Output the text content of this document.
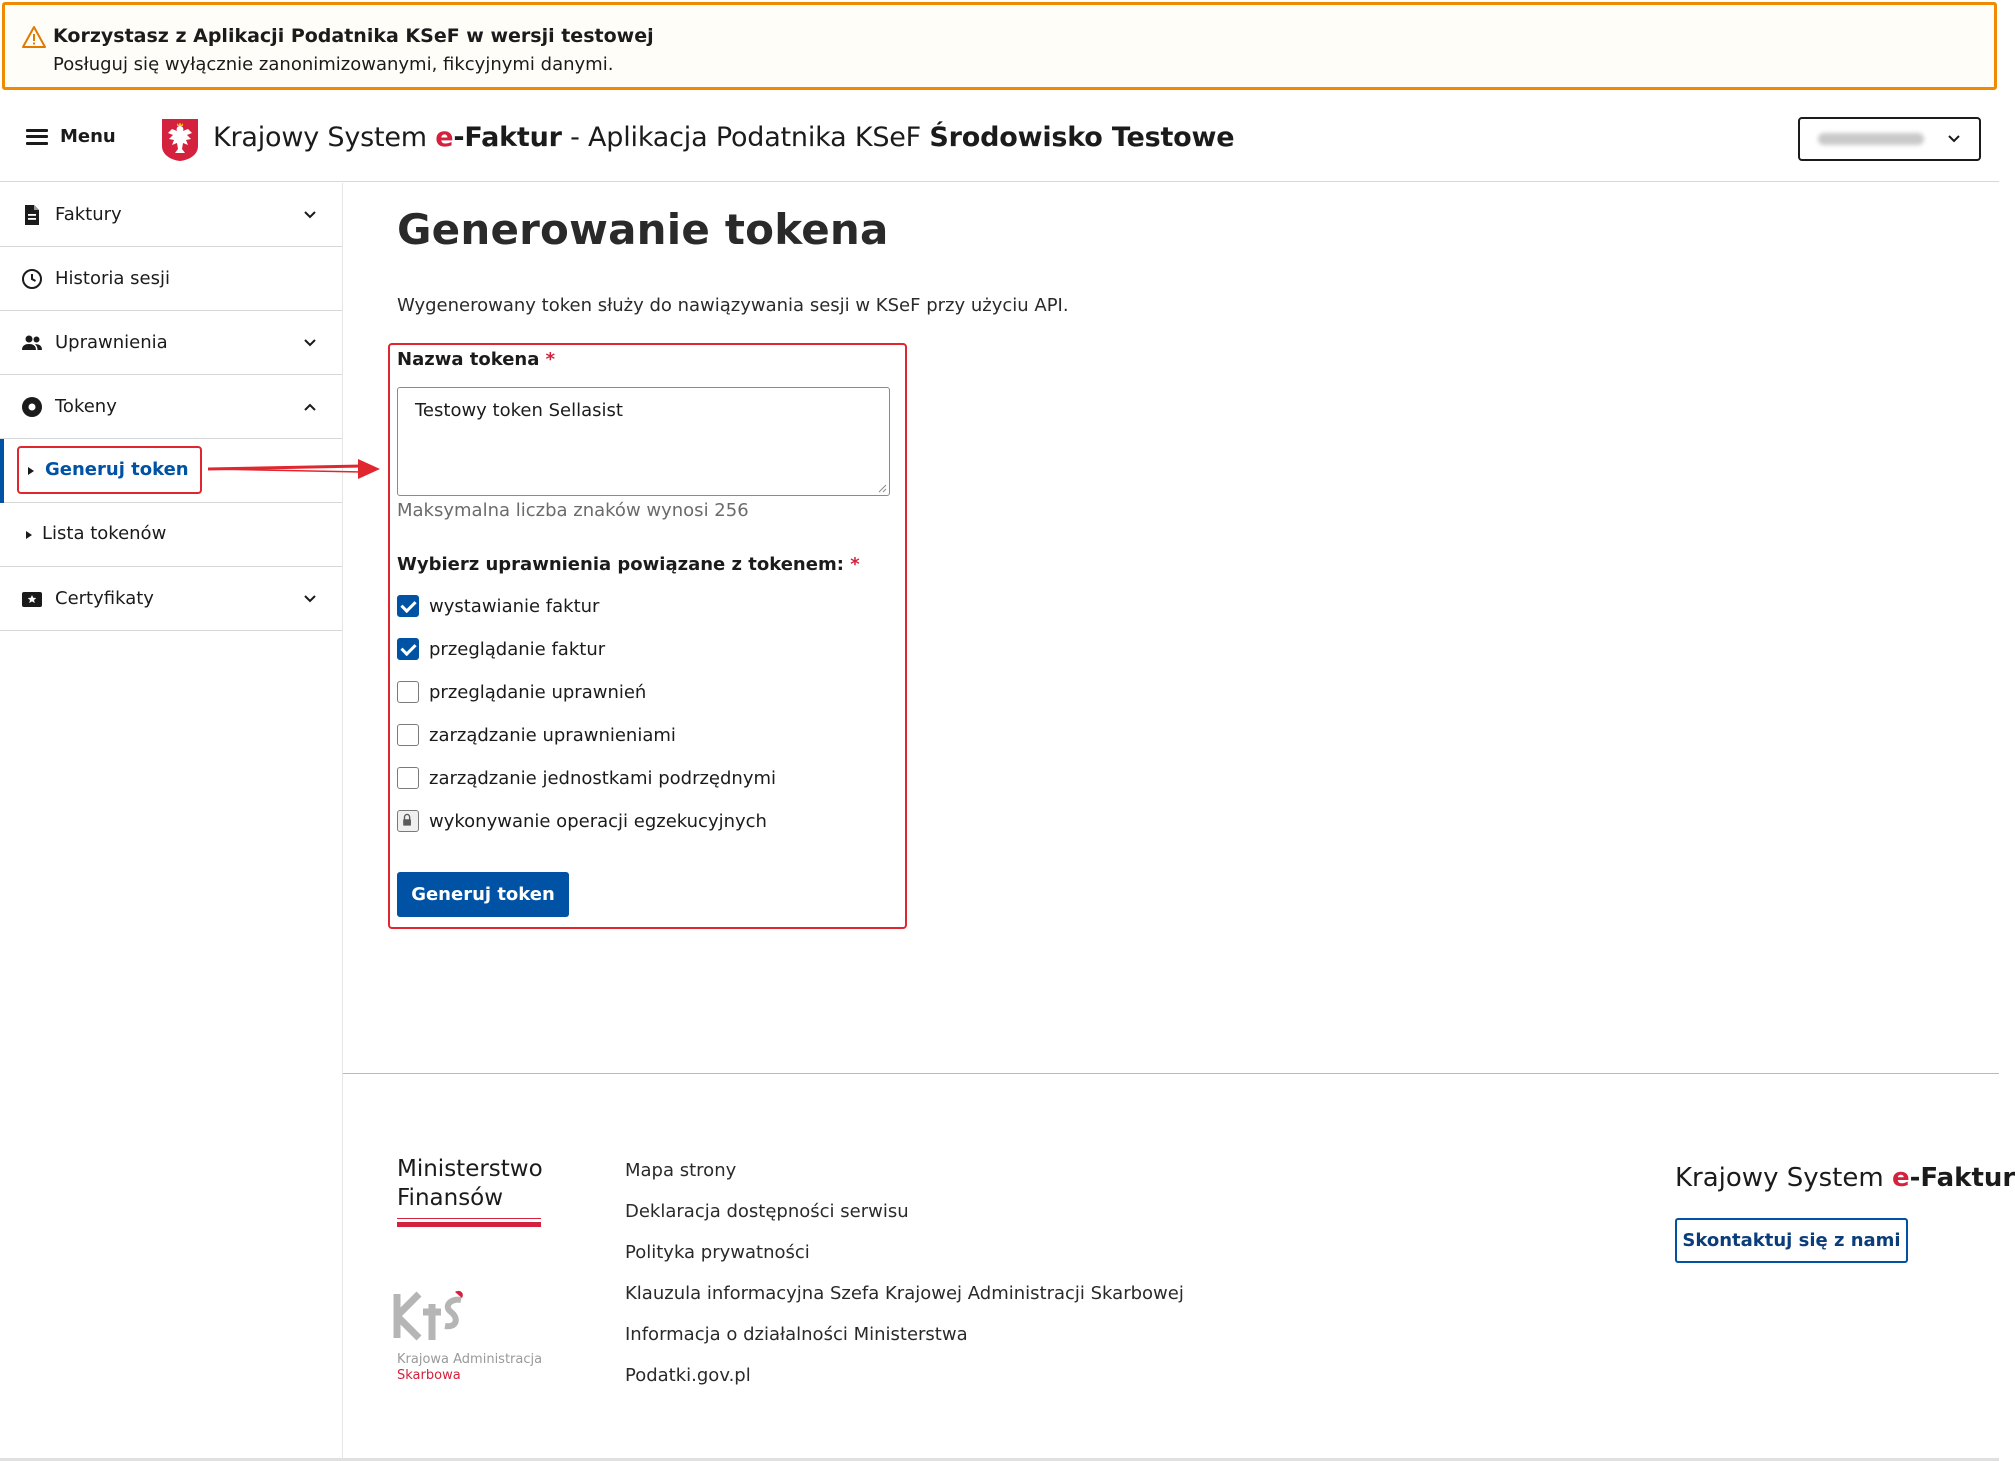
Korzystasz z Aplikacji Podatnika KSeF w wersji testowej
Posługuj się wyłącznie zanonimizowanymi, fikcyjnymi danymi.
Menu	Krajowy System e-Faktur - Aplikacja Podatnika KSeF Środowisko Testowe
Faktury
Historia sesji
Uprawnienia
Tokeny
Generuj token
Lista tokenów
Certyfikaty
Generowanie tokena
Wygenerowany token służy do nawiązywania sesji w KSeF przy użyciu API.
Nazwa tokena *
Testowy token Sellasist
Maksymalna liczba znaków wynosi 256
Wybierz uprawnienia powiązane z tokenem: *
wystawianie faktur
przeglądanie faktur
przeglądanie uprawnień
zarządzanie uprawnieniami
zarządzanie jednostkami podrzędnymi
wykonywanie operacji egzekucyjnych
Generuj token
Ministerstwo
Finansów
Krajowa Administracja
Skarbowa
Mapa strony
Deklaracja dostępności serwisu
Polityka prywatności
Klauzula informacyjna Szefa Krajowej Administracji Skarbowej
Informacja o działalności Ministerstwa
Podatki.gov.pl
Krajowy System e-Faktur
Skontaktuj się z nami
